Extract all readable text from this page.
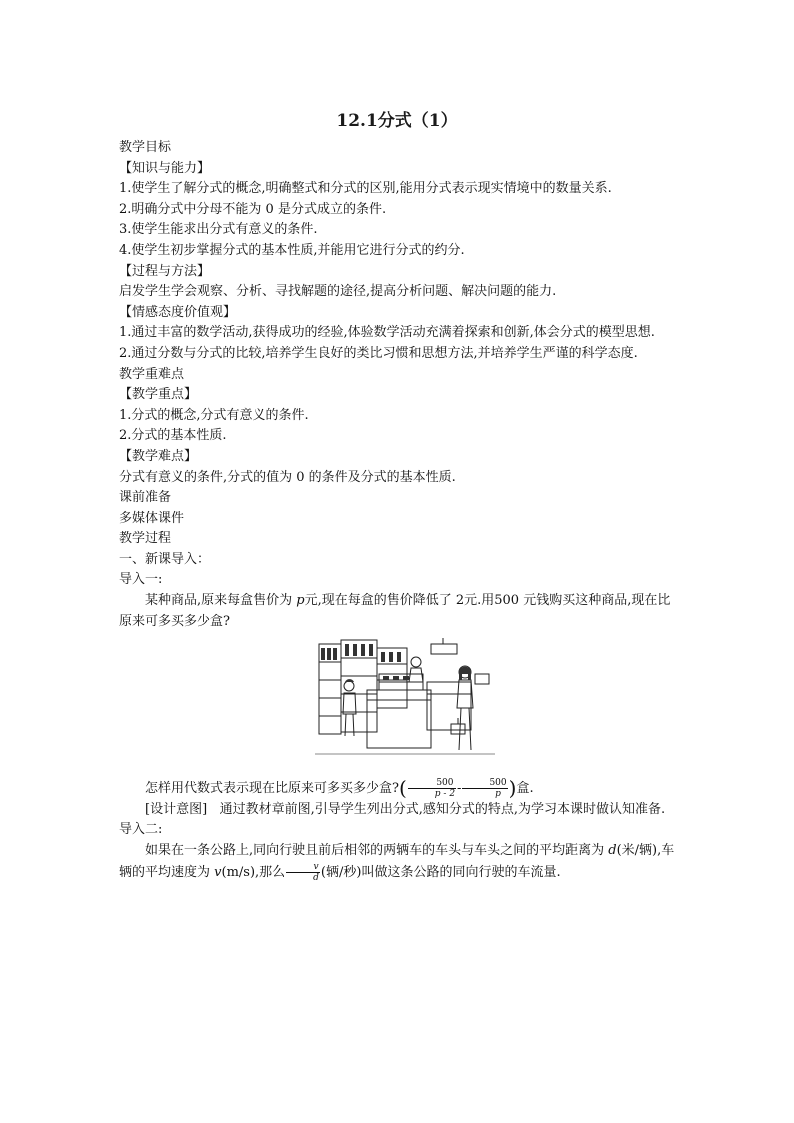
12.1分式（1）

教学目标

【知识与能力】

1.使学生了解分式的概念,明确整式和分式的区别,能用分式表示现实情境中的数量关系.

2.明确分式中分母不能为 0 是分式成立的条件.

3.使学生能求出分式有意义的条件.

4.使学生初步掌握分式的基本性质,并能用它进行分式的约分.

【过程与方法】

启发学生学会观察、分析、寻找解题的途径,提高分析问题、解决问题的能力.

【情感态度价值观】

1.通过丰富的数学活动,获得成功的经验,体验数学活动充满着探索和创新,体会分式的模型思想.

2.通过分数与分式的比较,培养学生良好的类比习惯和思想方法,并培养学生严谨的科学态度.

教学重难点

【教学重点】

1.分式的概念,分式有意义的条件.

2.分式的基本性质.

【教学难点】

分式有意义的条件,分式的值为 0 的条件及分式的基本性质.

课前准备

多媒体课件

教学过程

一、新课导入：

导入一:

某种商品,原来每盒售价为 p元,现在每盒的售价降低了 2元.用500 元钱购买这种商品,现在比原来可多买多少盒?

怎样用代数式表示现在比原来可多买多少盒?( $\frac{500}{p - 2} - \frac{500}{p}$ )盒.

[设计意图] 通过教材章前图,引导学生列出分式,感知分式的特点,为学习本课时做认知准备.

导入二:

如果在一条公路上,同向行驶且前后相邻的两辆车的车头与车头之间的平均距离为 d(米/辆),车辆的平均速度为 v(m/s),那么 $\frac{v}{d}$ (辆/秒)叫做这条公路的同向行驶的车流量.
